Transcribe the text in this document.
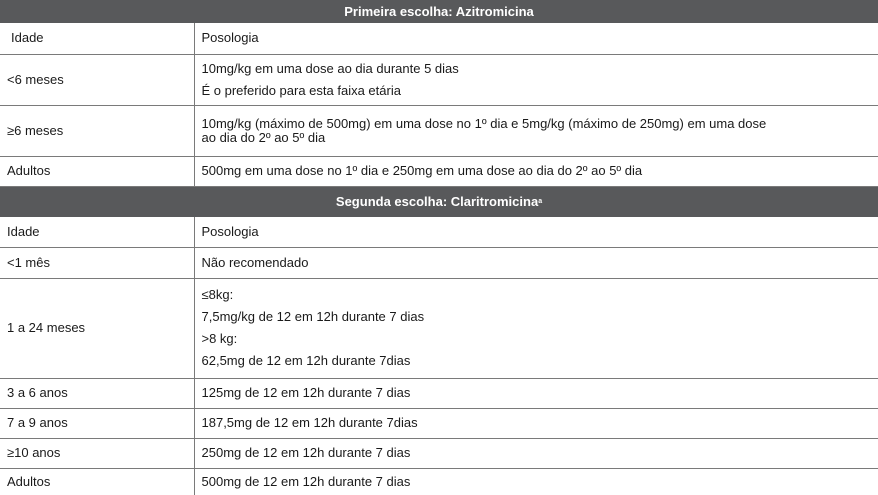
Primeira escolha: Azitromicina	
Idade	Posologia
<6 meses	10mg/kg em uma dose ao dia durante 5 dias
É o preferido para esta faixa etária

≥6 meses	10mg/kg (máximo de 500mg) em uma dose no 1º dia e 5mg/kg (máximo de 250mg) em uma dose
ao dia do 2º ao 5º dia

Adultos	500mg em uma dose no 1º dia e 250mg em uma dose ao dia do 2º ao 5º dia
Segunda escolha: Claritromicina$^a$
Idade	Posologia
<1 mês	Não recomendado
1 a 24 meses	≤8kg:
7,5mg/kg de 12 em 12h durante 7 dias
>8 kg:
62,5mg de 12 em 12h durante 7dias

3 a 6 anos	125mg de 12 em 12h durante 7 dias
7 a 9 anos	187,5mg de 12 em 12h durante 7dias
≥10 anos	250mg de 12 em 12h durante 7 dias
Adultos	500mg de 12 em 12h durante 7 dias
